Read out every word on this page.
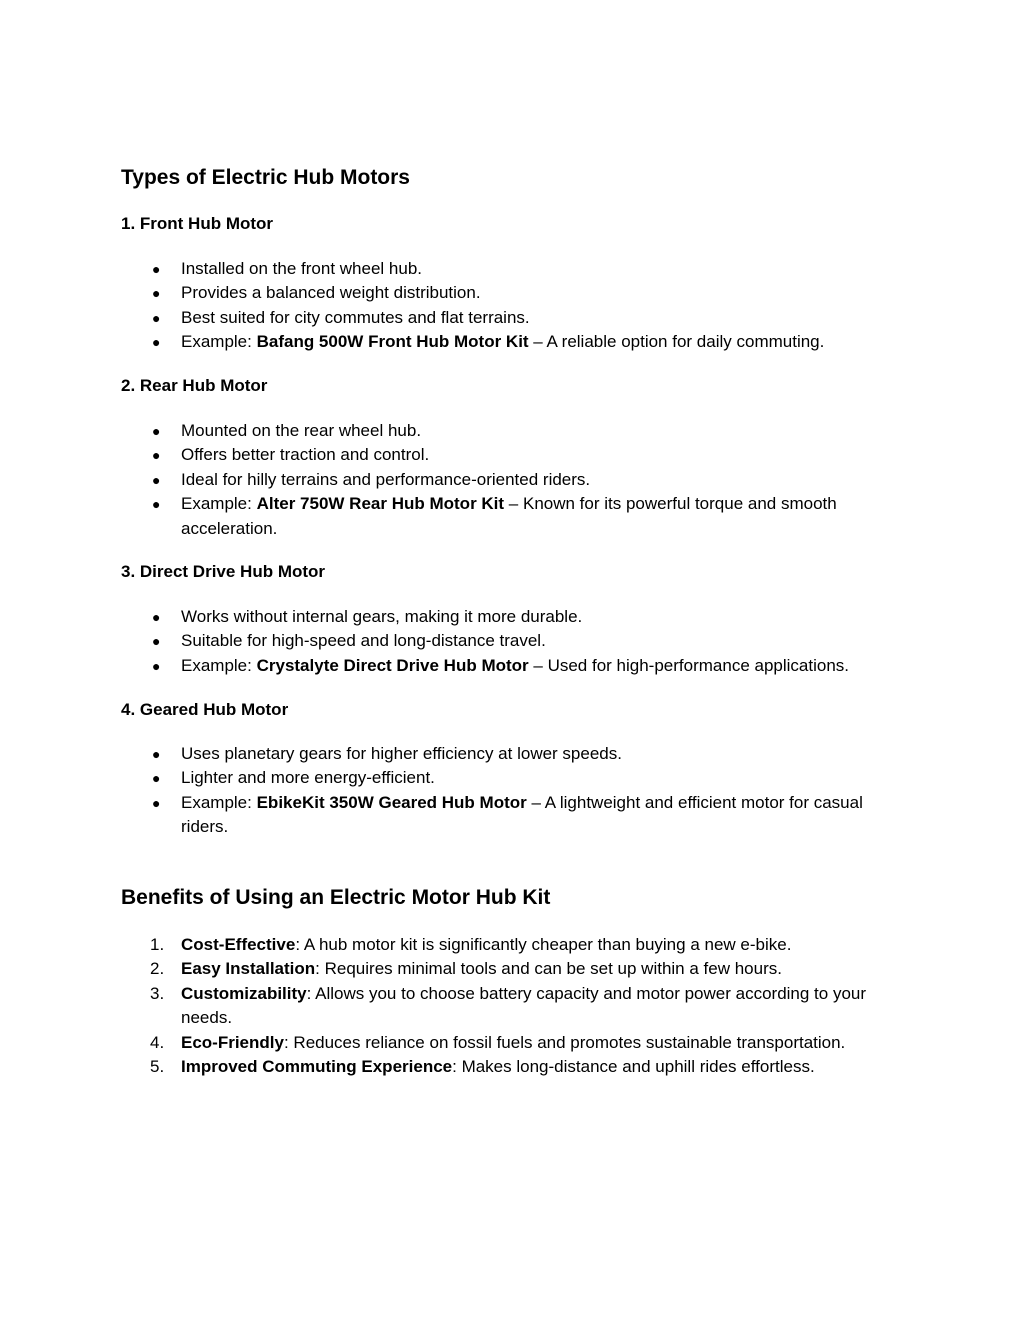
Types of Electric Hub Motors
1. Front Hub Motor
● Installed on the front wheel hub.
● Provides a balanced weight distribution.
● Best suited for city commutes and flat terrains.
● Example: Bafang 500W Front Hub Motor Kit – A reliable option for daily commuting.
2. Rear Hub Motor
● Mounted on the rear wheel hub.
● Offers better traction and control.
● Ideal for hilly terrains and performance-oriented riders.
● Example: Alter 750W Rear Hub Motor Kit – Known for its powerful torque and smooth acceleration.
3. Direct Drive Hub Motor
● Works without internal gears, making it more durable.
● Suitable for high-speed and long-distance travel.
● Example: Crystalyte Direct Drive Hub Motor – Used for high-performance applications.
4. Geared Hub Motor
● Uses planetary gears for higher efficiency at lower speeds.
● Lighter and more energy-efficient.
● Example: EbikeKit 350W Geared Hub Motor – A lightweight and efficient motor for casual riders.
Benefits of Using an Electric Motor Hub Kit
1. Cost-Effective: A hub motor kit is significantly cheaper than buying a new e-bike.
2. Easy Installation: Requires minimal tools and can be set up within a few hours.
3. Customizability: Allows you to choose battery capacity and motor power according to your needs.
4. Eco-Friendly: Reduces reliance on fossil fuels and promotes sustainable transportation.
5. Improved Commuting Experience: Makes long-distance and uphill rides effortless.
